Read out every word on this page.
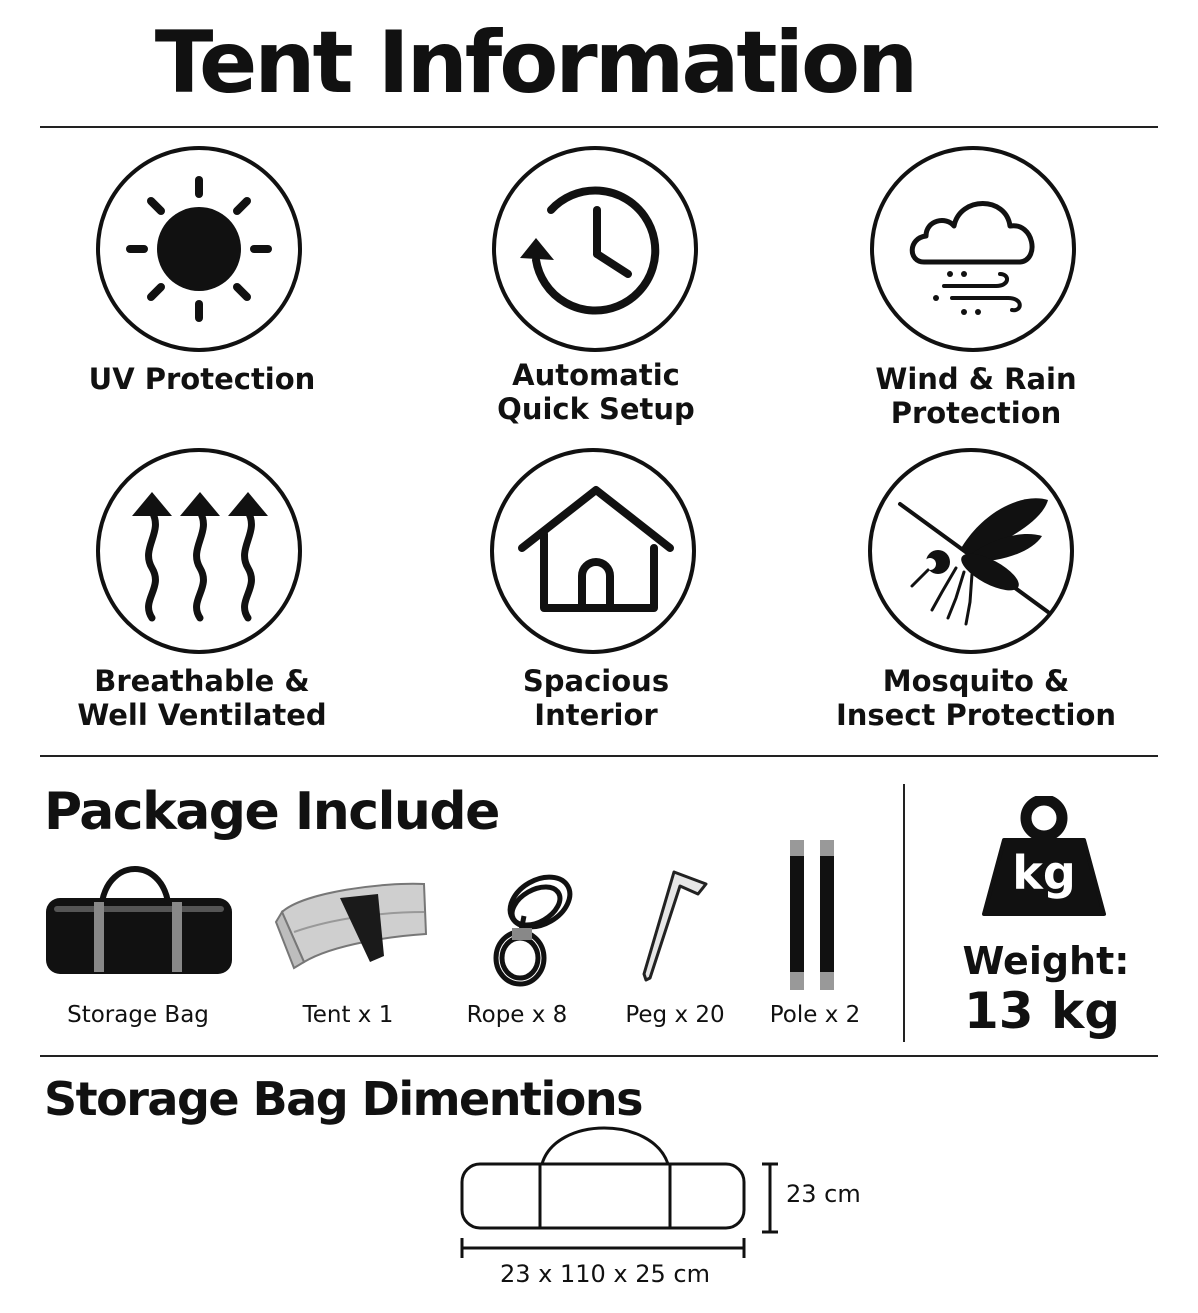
Tent Information
UV Protection	Automatic
Quick Setup
Wind & Rain
Protection
Breathable &
Well Ventilated
Spacious
Interior
Mosquito &
Insect Protection
Package Include
Storage Bag	Tent x 1	Rope x 8	Peg x 20	Pole x 2
kg
Weight:
13 kg
Storage Bag Dimentions
23 cm
23 x 110 x 25 cm
